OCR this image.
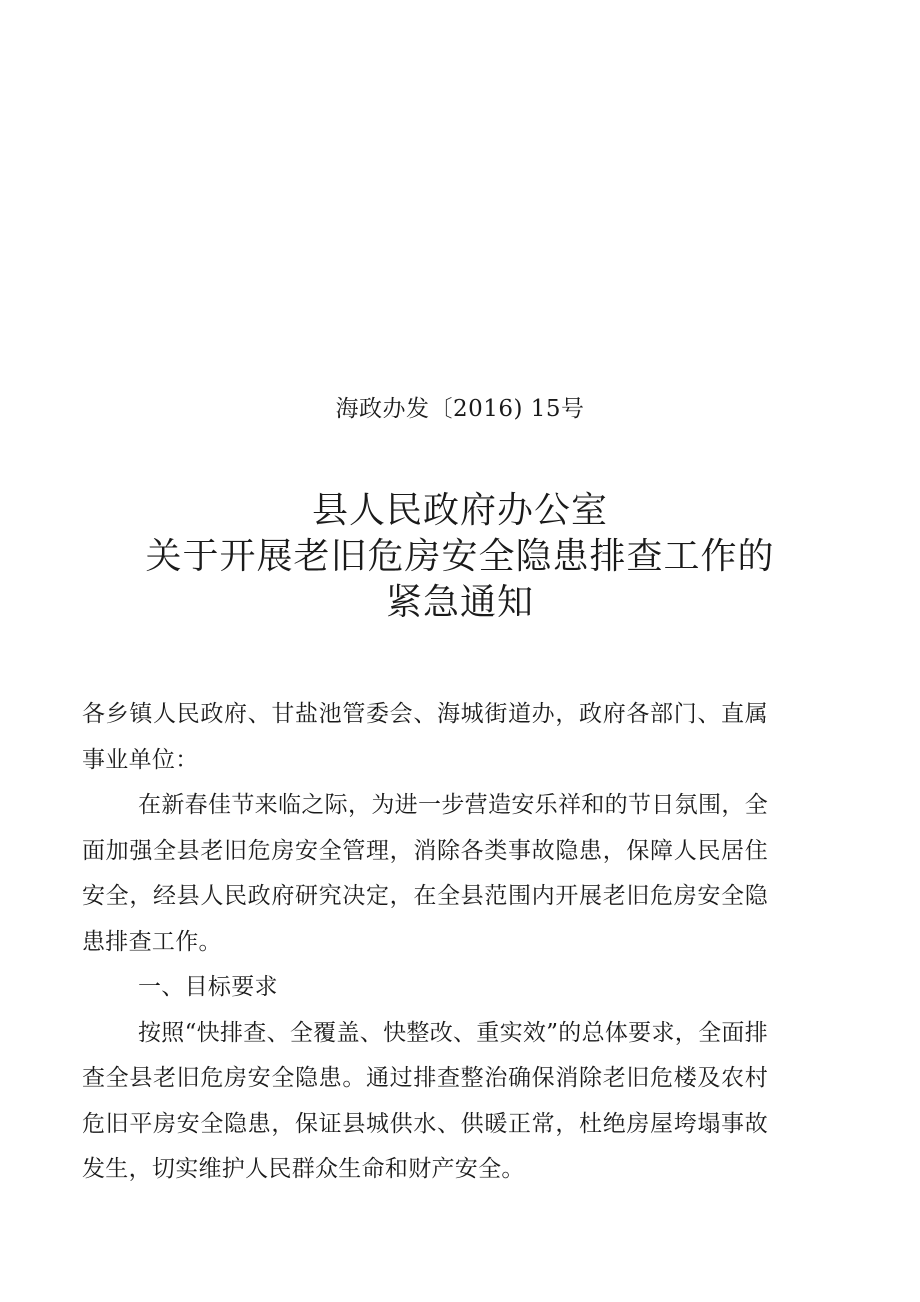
海政办发〔2016) 15号
县人民政府办公室
关于开展老旧危房安全隐患排查工作的
紧急通知

各乡镇人民政府、甘盐池管委会、海城街道办，政府各部门、直属事业单位：

在新春佳节来临之际，为进一步营造安乐祥和的节日氛围，全面加强全县老旧危房安全管理，消除各类事故隐患，保障人民居住安全，经县人民政府研究决定，在全县范围内开展老旧危房安全隐患排查工作。

一、目标要求

按照“快排查、全覆盖、快整改、重实效”的总体要求，全面排查全县老旧危房安全隐患。通过排查整治确保消除老旧危楼及农村危旧平房安全隐患，保证县城供水、供暖正常，杜绝房屋垮塌事故发生，切实维护人民群众生命和财产安全。
